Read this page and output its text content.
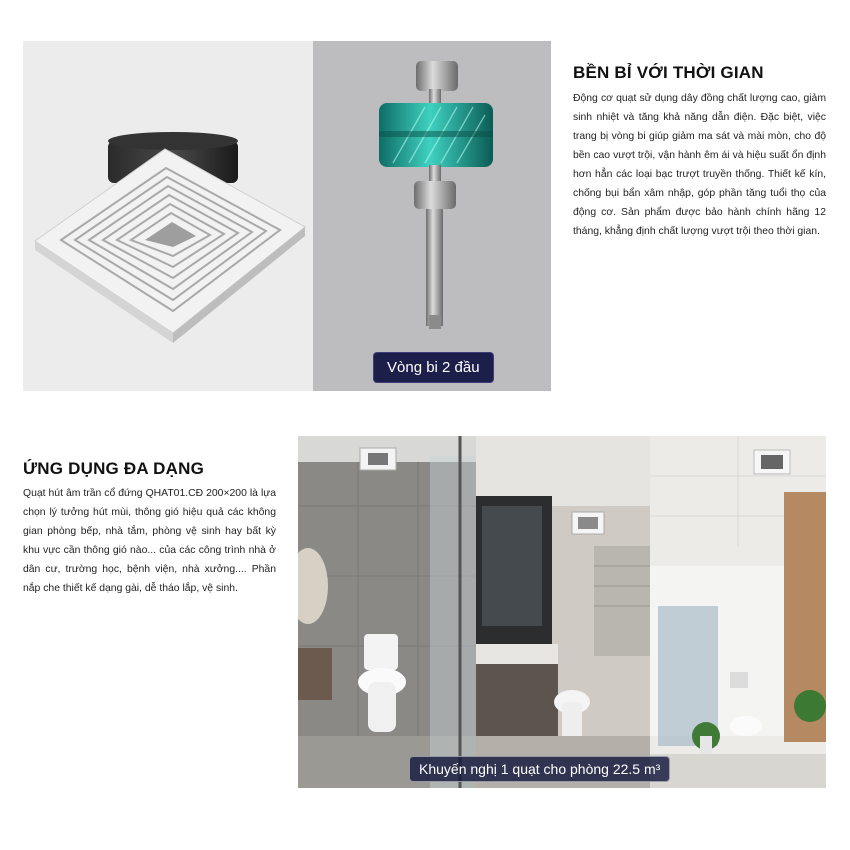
Vòng bi 2 đầu
BỀN BỈ VỚI THỜI GIAN

Động cơ quạt sử dụng dây đồng chất lượng cao, giảm sinh nhiệt và tăng khả năng dẫn điện. Đặc biệt, việc trang bị vòng bi giúp giảm ma sát và mài mòn, cho độ bền cao vượt trội, vận hành êm ái và hiệu suất ổn định hơn hẳn các loại bạc trượt truyền thống. Thiết kế kín, chống bụi bẩn xâm nhập, góp phần tăng tuổi thọ của động cơ. Sản phẩm được bảo hành chính hãng 12 tháng, khẳng định chất lượng vượt trội theo thời gian.

ỨNG DỤNG ĐA DẠNG

Quạt hút âm trần cổ đứng QHAT01.CĐ 200×200 là lựa chọn lý tưởng hút mùi, thông gió hiệu quả các không gian phòng bếp, nhà tắm, phòng vệ sinh hay bất kỳ khu vực cần thông gió nào... của các công trình nhà ở dân cư, trường học, bệnh viện, nhà xưởng.... Phần nắp che thiết kế dạng gài, dễ tháo lắp, vệ sinh.

Khuyến nghị 1 quạt cho phòng 22.5 m³
